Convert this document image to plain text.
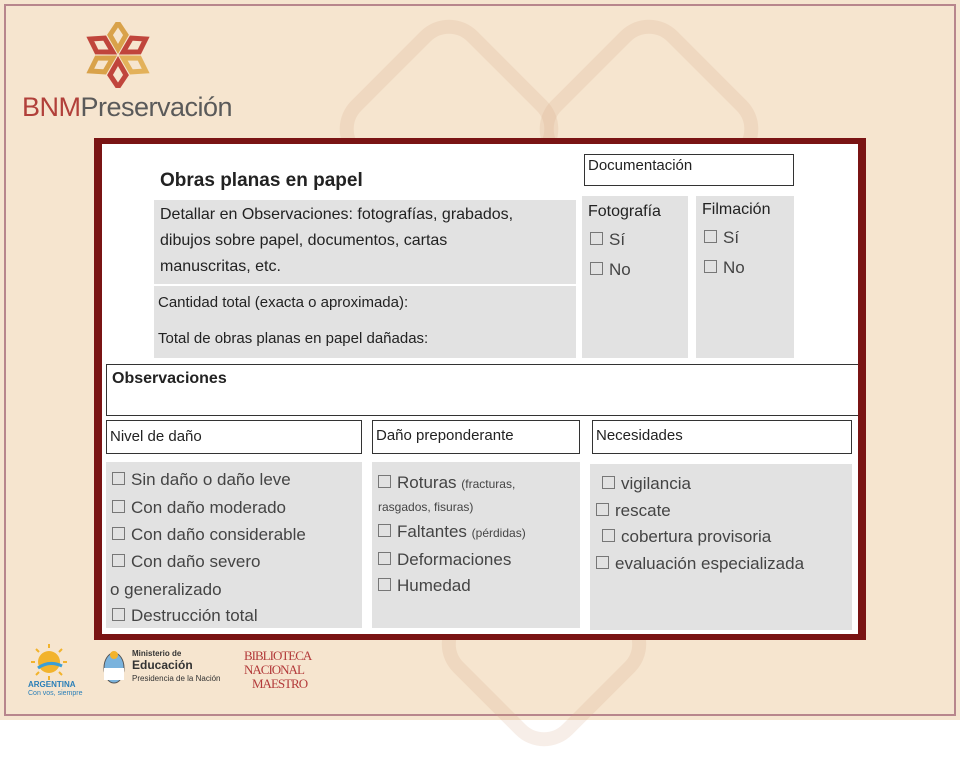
BNMPreservación
Obras planas en papel
Detallar en Observaciones: fotografías, grabados,
dibujos sobre papel, documentos, cartas
manuscritas, etc.
Cantidad total (exacta o aproximada):
Total de obras planas en papel dañadas:
Documentación
Fotografía
Sí
No
Filmación
Sí
No
Observaciones
Nivel de daño	Daño preponderante	Necesidades
Sin daño o daño leve
Con daño moderado
Con daño considerable
Con daño severo
o generalizado
Destrucción total
Roturas (fracturas,
rasgados, fisuras)
Faltantes (pérdidas)
Deformaciones
Humedad
vigilancia
rescate
cobertura provisoria
evaluación especializada
ARGENTINA
Con vos, siempre
Ministerio de
Educación
Presidencia de la Nación
BIBLIOTECA
NACIONAL
MAESTRO
